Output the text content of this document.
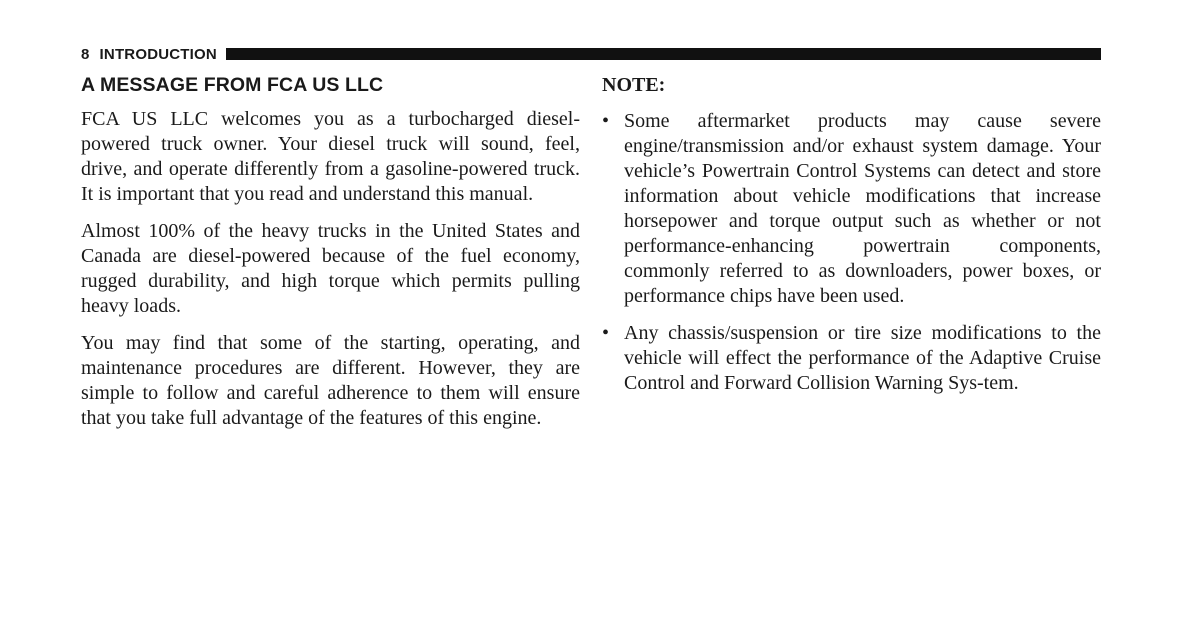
8 INTRODUCTION
A MESSAGE FROM FCA US LLC

FCA US LLC welcomes you as a turbocharged diesel-powered truck owner. Your diesel truck will sound, feel, drive, and operate differently from a gasoline-powered truck. It is important that you read and understand this manual.

Almost 100% of the heavy trucks in the United States and Canada are diesel-powered because of the fuel economy, rugged durability, and high torque which permits pulling heavy loads.

You may find that some of the starting, operating, and maintenance procedures are different. However, they are simple to follow and careful adherence to them will ensure that you take full advantage of the features of this engine.

NOTE:
• Some aftermarket products may cause severe engine/transmission and/or exhaust system damage. Your vehicle’s Powertrain Control Systems can detect and store information about vehicle modifications that increase horsepower and torque output such as whether or not performance-enhancing powertrain components, commonly referred to as downloaders, power boxes, or performance chips have been used.
• Any chassis/suspension or tire size modifications to the vehicle will effect the performance of the Adaptive Cruise Control and Forward Collision Warning Sys-tem.
